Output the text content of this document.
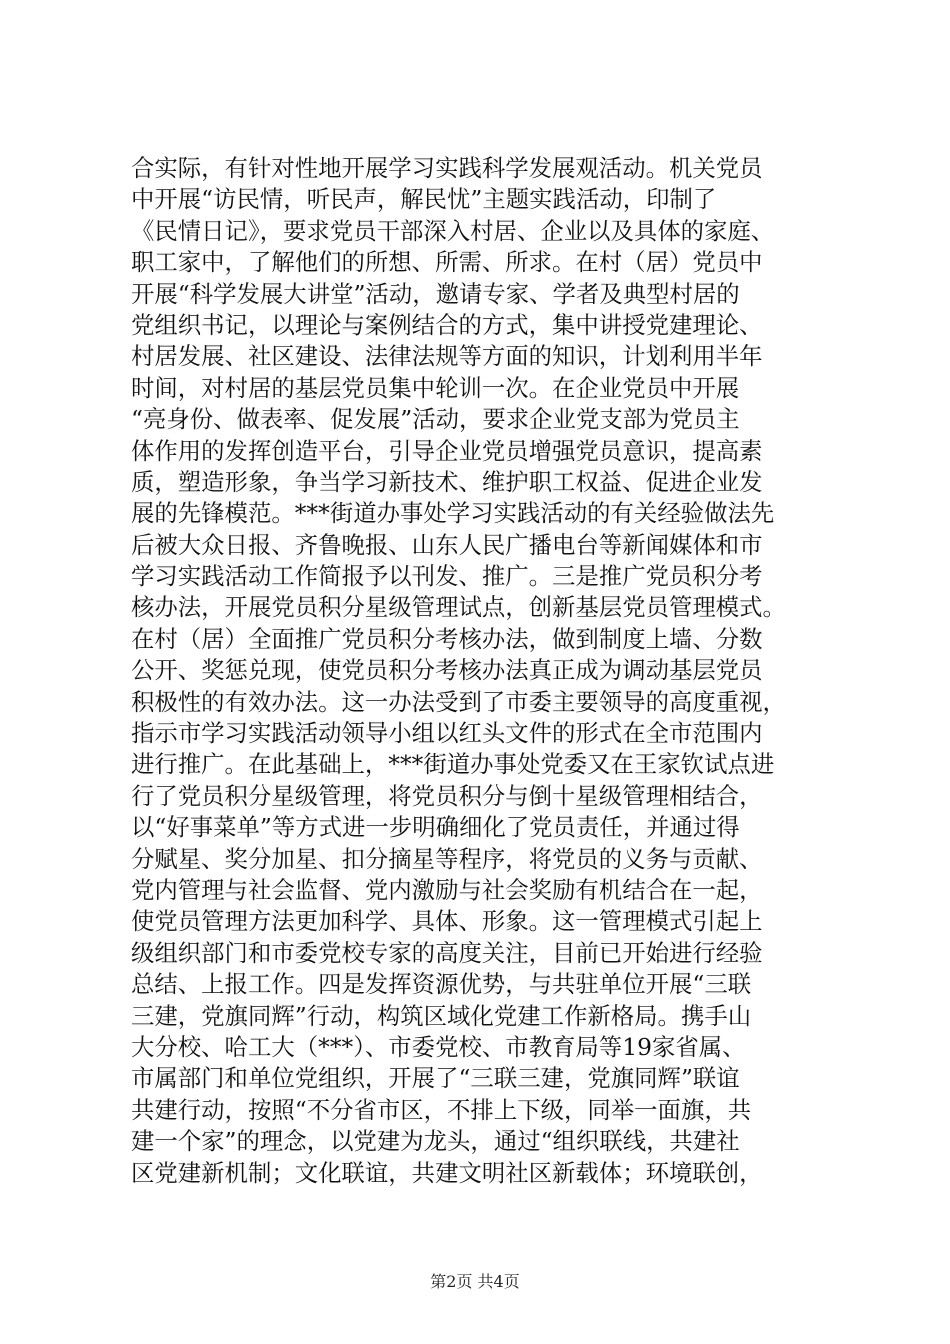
合实际，有针对性地开展学习实践科学发展观活动。机关党员
中开展“访民情，听民声，解民忧”主题实践活动，印制了
《民情日记》，要求党员干部深入村居、企业以及具体的家庭、
职工家中，了解他们的所想、所需、所求。在村（居）党员中
开展“科学发展大讲堂”活动，邀请专家、学者及典型村居的
党组织书记，以理论与案例结合的方式，集中讲授党建理论、
村居发展、社区建设、法律法规等方面的知识，计划利用半年
时间，对村居的基层党员集中轮训一次。在企业党员中开展
“亮身份、做表率、促发展”活动，要求企业党支部为党员主
体作用的发挥创造平台，引导企业党员增强党员意识，提高素
质，塑造形象，争当学习新技术、维护职工权益、促进企业发
展的先锋模范。***街道办事处学习实践活动的有关经验做法先
后被大众日报、齐鲁晚报、山东人民广播电台等新闻媒体和市
学习实践活动工作简报予以刊发、推广。三是推广党员积分考
核办法，开展党员积分星级管理试点，创新基层党员管理模式。
在村（居）全面推广党员积分考核办法，做到制度上墙、分数
公开、奖惩兑现，使党员积分考核办法真正成为调动基层党员
积极性的有效办法。这一办法受到了市委主要领导的高度重视，
指示市学习实践活动领导小组以红头文件的形式在全市范围内
进行推广。在此基础上，***街道办事处党委又在王家钦试点进
行了党员积分星级管理，将党员积分与倒十星级管理相结合，
以“好事菜单”等方式进一步明确细化了党员责任，并通过得
分赋星、奖分加星、扣分摘星等程序，将党员的义务与贡献、
党内管理与社会监督、党内激励与社会奖励有机结合在一起，
使党员管理方法更加科学、具体、形象。这一管理模式引起上
级组织部门和市委党校专家的高度关注，目前已开始进行经验
总结、上报工作。四是发挥资源优势，与共驻单位开展“三联
三建，党旗同辉”行动，构筑区域化党建工作新格局。携手山
大分校、哈工大（***）、市委党校、市教育局等19家省属、
市属部门和单位党组织，开展了“三联三建，党旗同辉”联谊
共建行动，按照“不分省市区，不排上下级，同举一面旗，共
建一个家”的理念，以党建为龙头，通过“组织联线，共建社
区党建新机制；文化联谊，共建文明社区新载体；环境联创，
第2页 共4页
